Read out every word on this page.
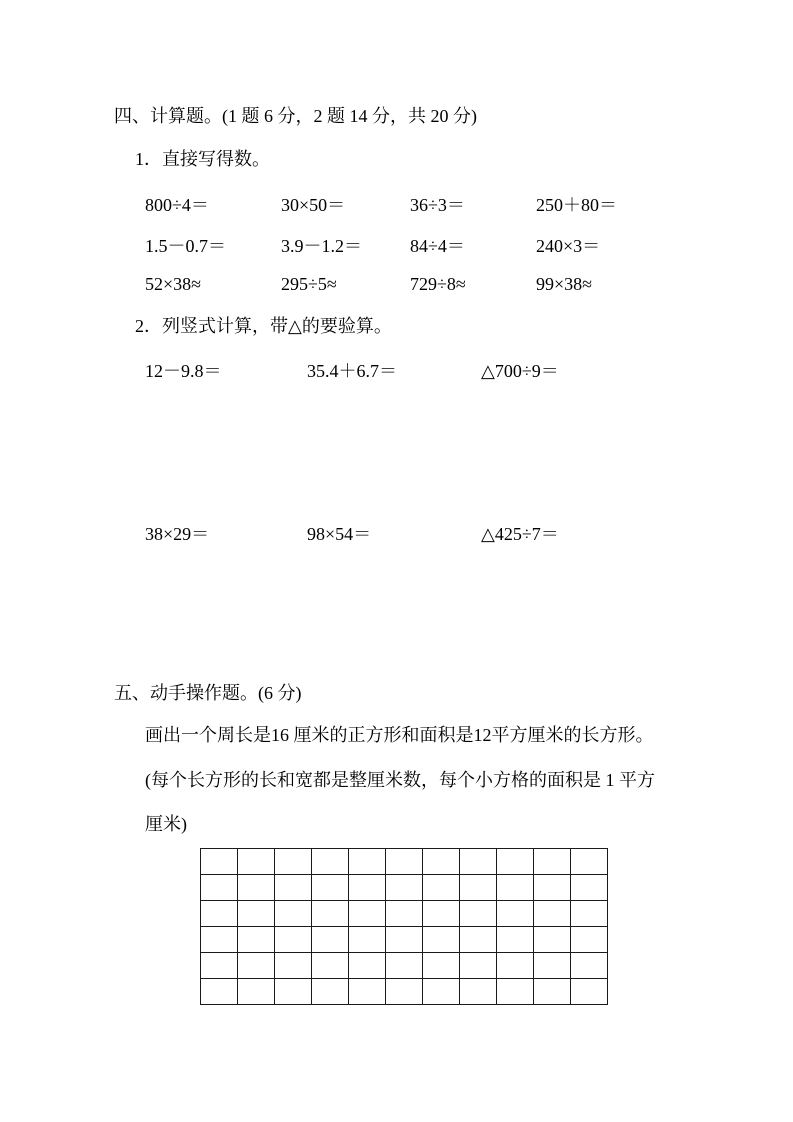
四、计算题。(1 题 6 分，2 题 14 分，共 20 分)
1．直接写得数。
800÷4＝	30×50＝	36÷3＝	250＋80＝
1.5－0.7＝	3.9－1.2＝	84÷4＝	240×3＝
52×38≈	295÷5≈	729÷8≈	99×38≈
2．列竖式计算，带△的要验算。
12－9.8＝	35.4＋6.7＝	△700÷9＝
38×29＝	98×54＝	△425÷7＝
五、动手操作题。(6 分)
画出一个周长是16 厘米的正方形和面积是12平方厘米的长方形。
(每个长方形的长和宽都是整厘米数，每个小方格的面积是 1 平方
厘米)
